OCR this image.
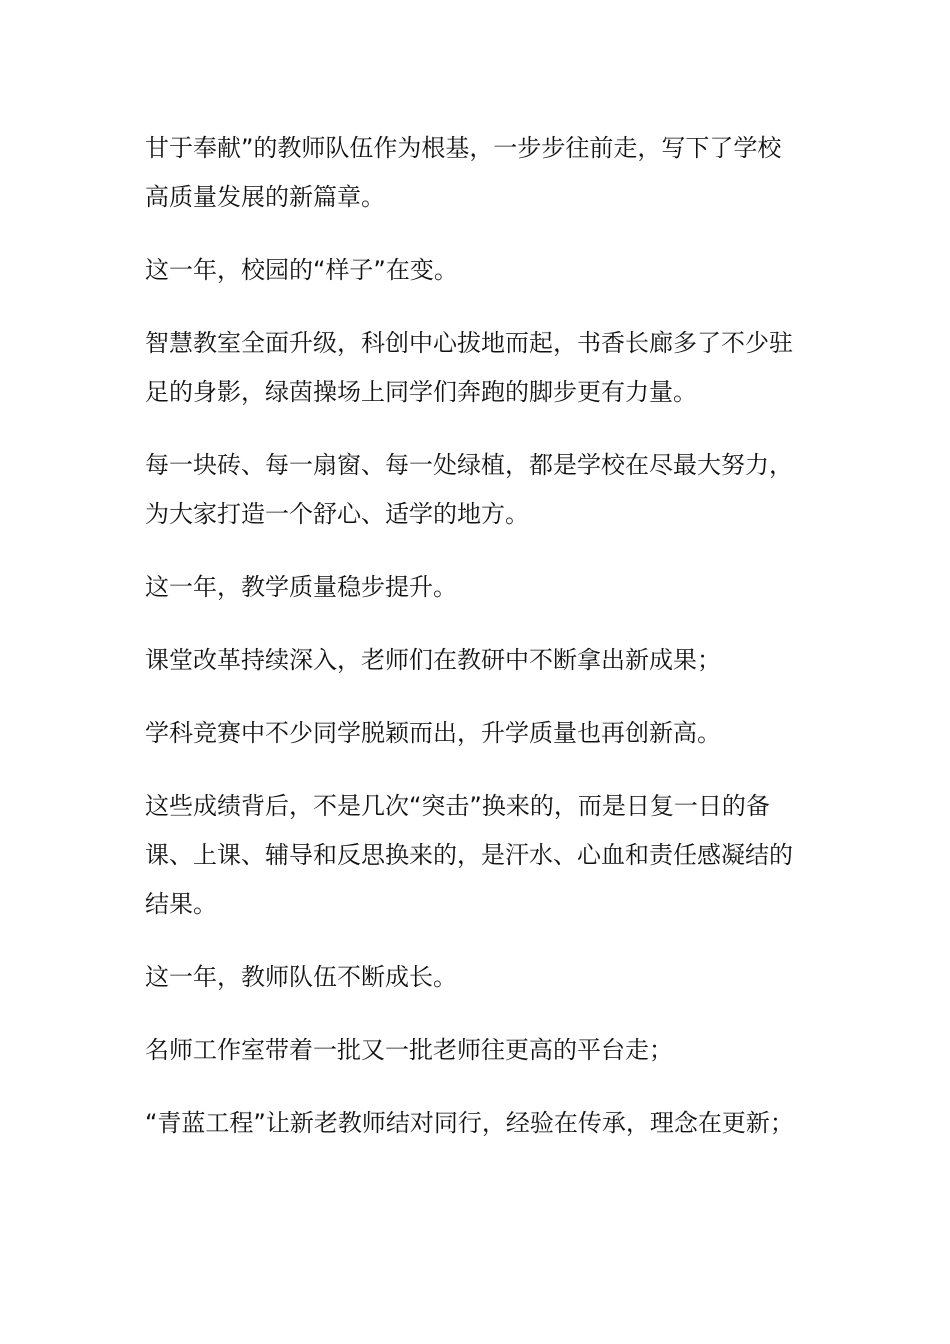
甘于奉献”的教师队伍作为根基，一步步往前走，写下了学校
高质量发展的新篇章。

这一年，校园的“样子”在变。

智慧教室全面升级，科创中心拔地而起，书香长廊多了不少驻
足的身影，绿茵操场上同学们奔跑的脚步更有力量。

每一块砖、每一扇窗、每一处绿植，都是学校在尽最大努力，
为大家打造一个舒心、适学的地方。

这一年，教学质量稳步提升。

课堂改革持续深入，老师们在教研中不断拿出新成果；

学科竞赛中不少同学脱颖而出，升学质量也再创新高。

这些成绩背后，不是几次“突击”换来的，而是日复一日的备
课、上课、辅导和反思换来的，是汗水、心血和责任感凝结的
结果。

这一年，教师队伍不断成长。

名师工作室带着一批又一批老师往更高的平台走；

“青蓝工程”让新老教师结对同行，经验在传承，理念在更新；
